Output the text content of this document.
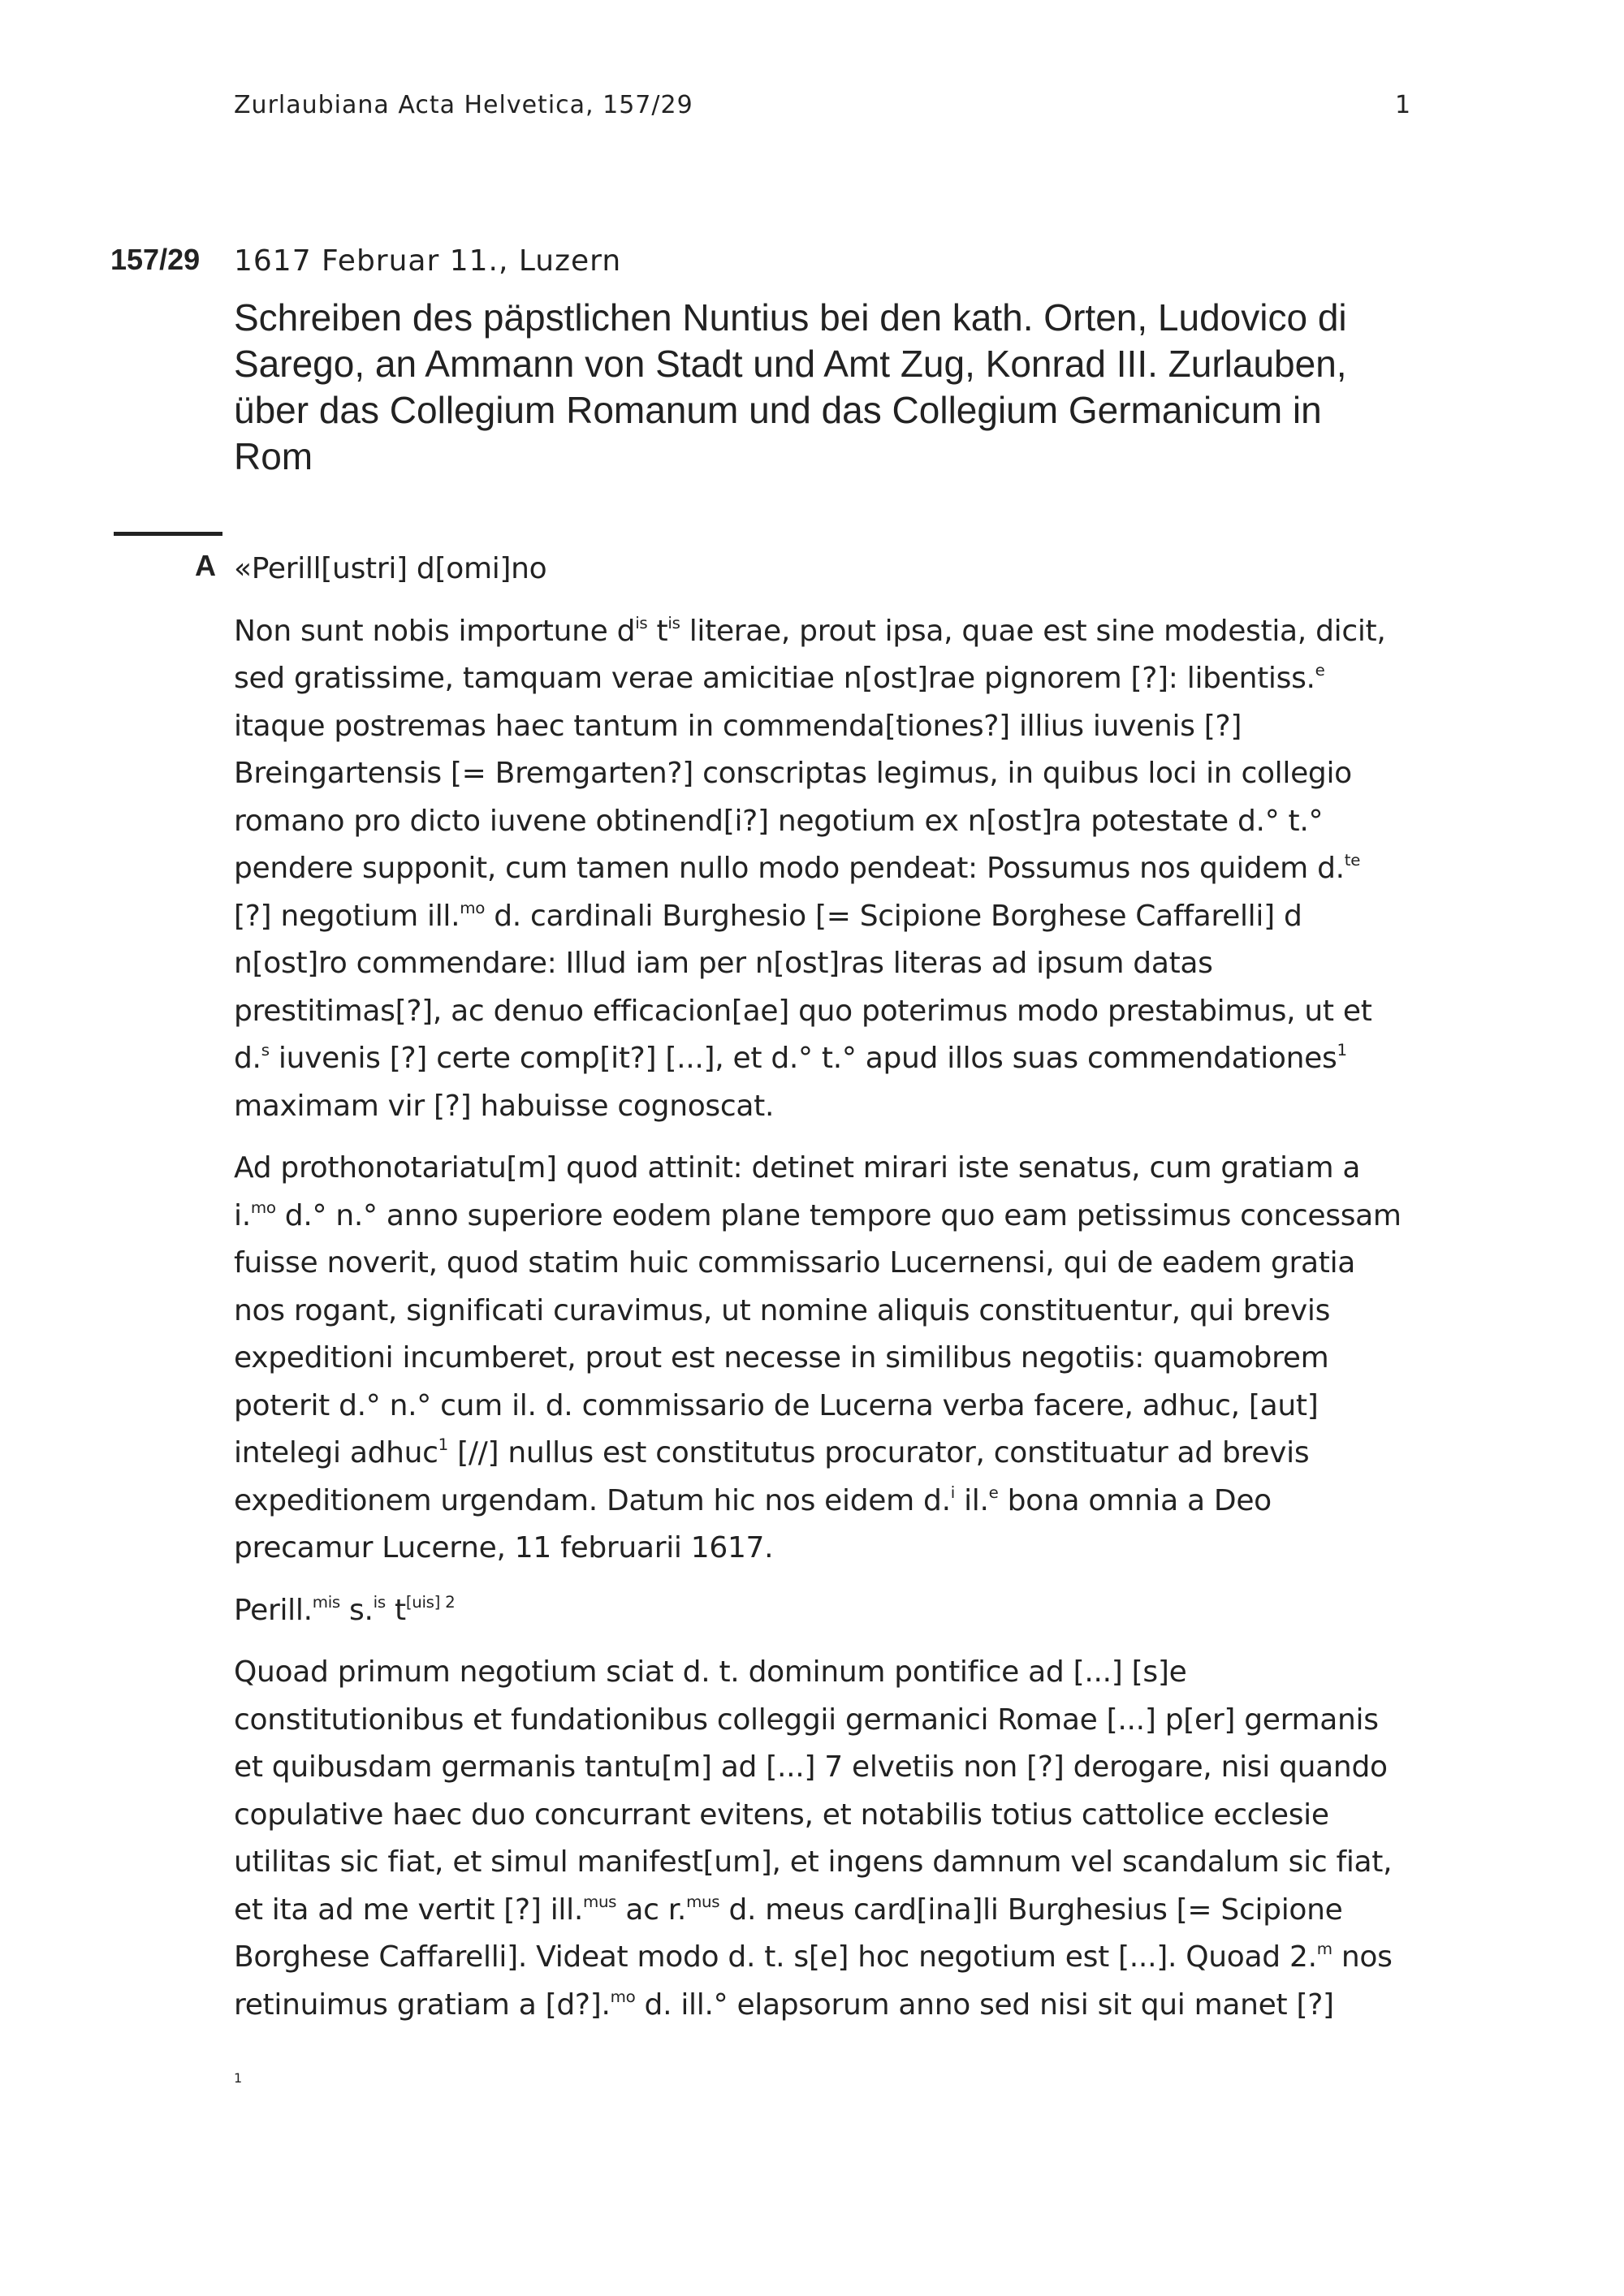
Zurlaubiana Acta Helvetica, 157/29	1
157/29 1617 Februar 11., Luzern
Schreiben des päpstlichen Nuntius bei den kath. Orten, Ludovico di Sarego, an Ammann von Stadt und Amt Zug, Konrad III. Zurlauben, über das Collegium Romanum und das Collegium Germanicum in Rom
A «Perill[ustri] d[omi]no

Non sunt nobis importune $d^{is}$ $t^{is}$ literae, prout ipsa, quae est sine modestia, dicit, sed gratissime, tamquam verae amicitiae n[ost]rae pignorem [?]: libentiss.$^e$ itaque postremas haec tantum in commenda[tiones?] illius iuvenis [?] Breingartensis [= Bremgarten?] conscriptas legimus, in quibus loci in collegio romano pro dicto iuvene obtinend[i?] negotium ex n[ost]ra potestate d.° t.° pendere supponit, cum tamen nullo modo pendeat: Possumus nos quidem d.$^{te}$ [?] negotium ill.$^{mo}$ d. cardinali Burghesio [= Scipione Borghese Caffarelli] d n[ost]ro commendare: Illud iam per n[ost]ras literas ad ipsum datas prestitimas[?], ac denuo efficacion[ae] quo poterimus modo prestabimus, ut et d.$^s$ iuvenis [?] certe comp[it?] [...], et d.° t.° apud illos suas commendationes$^1$ maximam vir [?] habuisse cognoscat.

Ad prothonotariatu[m] quod attinit: detinet mirari iste senatus, cum gratiam a i.$^{mo}$ d.° n.° anno superiore eodem plane tempore quo eam petissimus concessam fuisse noverit, quod statim huic commissario Lucernensi, qui de eadem gratia nos rogant, significati curavimus, ut nomine aliquis constituentur, qui brevis expeditioni incumberet, prout est necesse in similibus negotiis: quamobrem poterit d.° n.° cum il. d. commissario de Lucerna verba facere, adhuc, [aut] intelegi adhuc$^1$ [//] nullus est constitutus procurator, constituatur ad brevis expeditionem urgendam. Datum hic nos eidem d.$^i$ il.$^e$ bona omnia a Deo precamur Lucerne, 11 februarii 1617.

Perill.$^{mis}$ s.$^{is}$ $t^{[uis] 2}$

Quoad primum negotium sciat d. t. dominum pontifice ad [...] [s]e constitutionibus et fundationibus colleggii germanici Romae [...] p[er] germanis et quibusdam germanis tantu[m] ad [...] 7 elvetiis non [?] derogare, nisi quando copulative haec duo concurrant evitens, et notabilis totius cattolice ecclesie utilitas sic fiat, et simul manifest[um], et ingens damnum vel scandalum sic fiat, et ita ad me vertit [?] ill.$^{mus}$ ac r.$^{mus}$ d. meus card[ina]li Burghesius [= Scipione Borghese Caffarelli]. Videat modo d. t. s[e] hoc negotium est [...]. Quoad 2.$^m$ nos retinuimus gratiam a [d?].$^{mo}$ d. ill.° elapsorum anno sed nisi sit qui manet [?]

1
